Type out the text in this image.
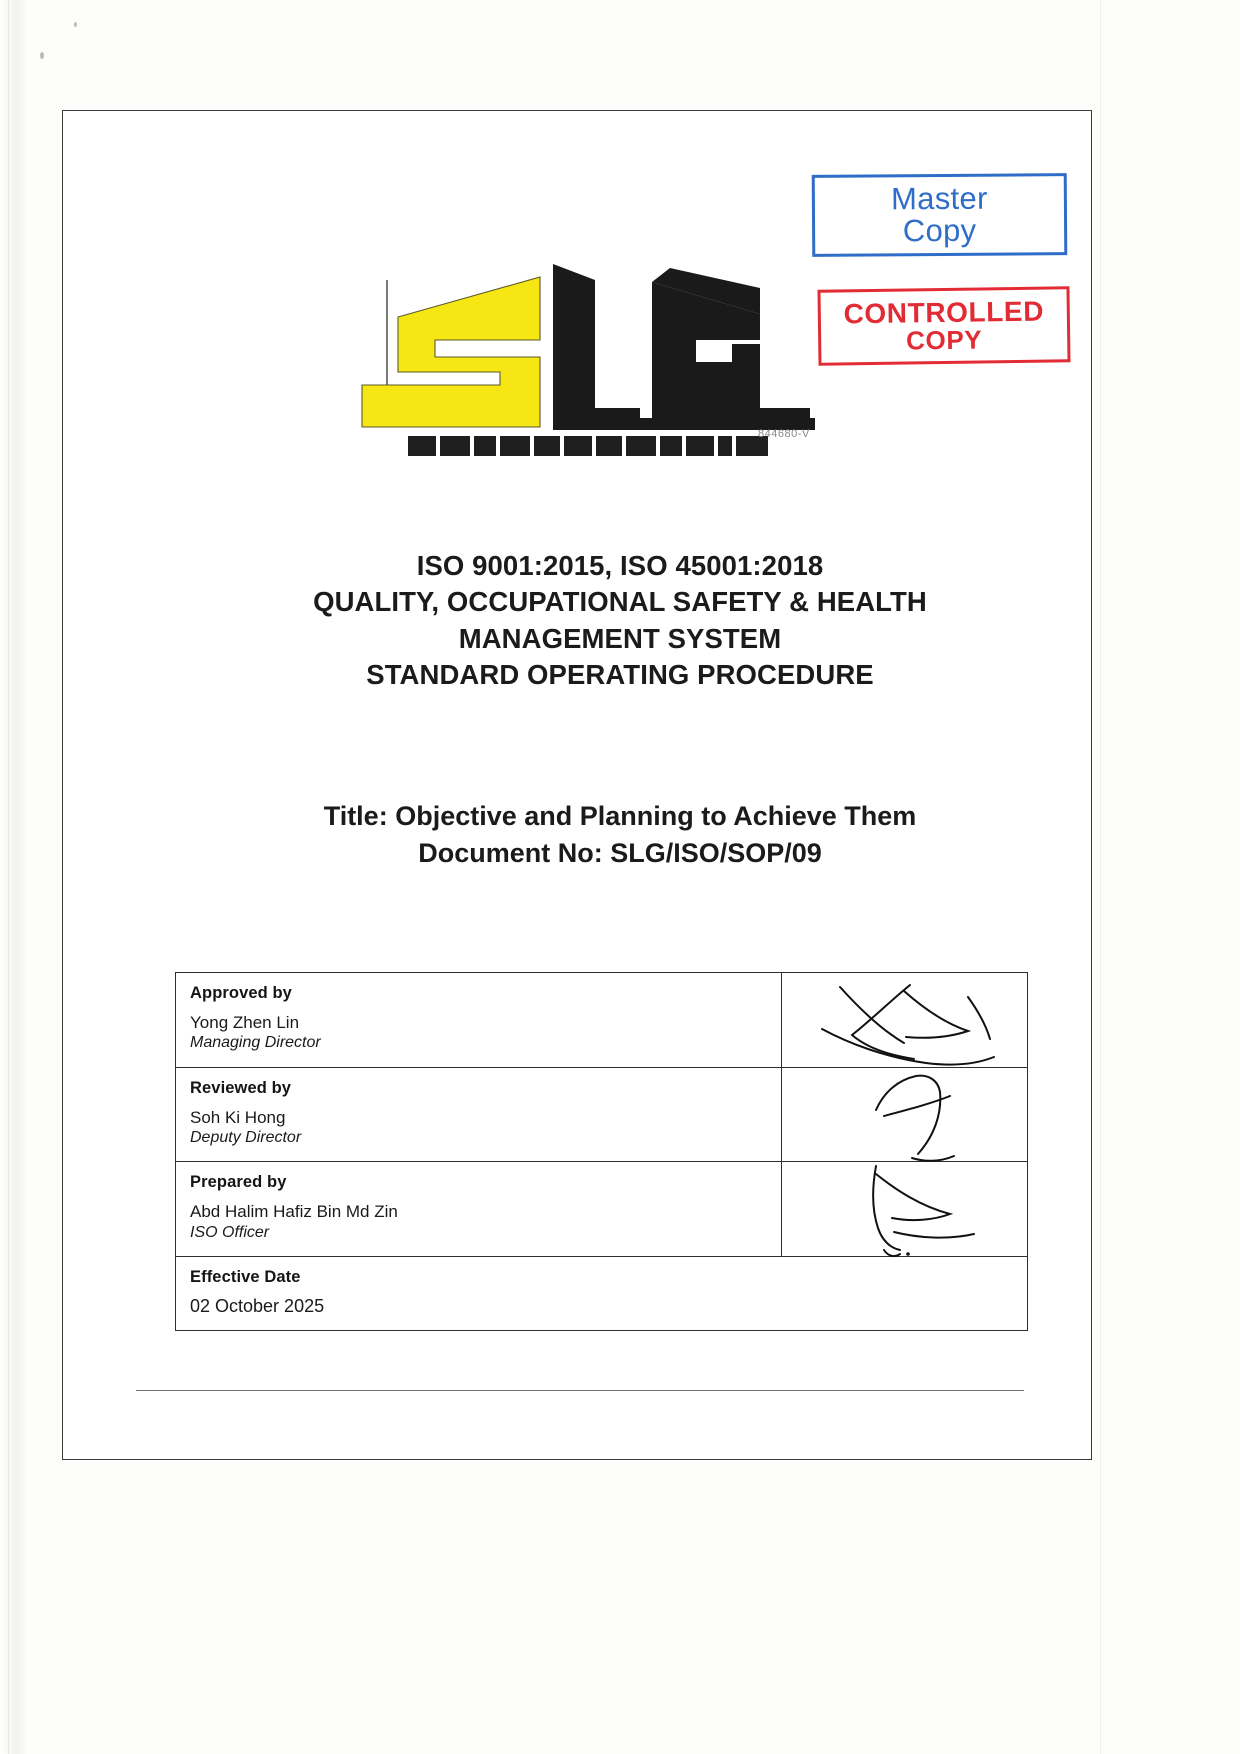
844680-V
Master
Copy
CONTROLLED
COPY
ISO 9001:2015, ISO 45001:2018
QUALITY, OCCUPATIONAL SAFETY & HEALTH
MANAGEMENT SYSTEM
STANDARD OPERATING PROCEDURE
Title: Objective and Planning to Achieve Them
Document No: SLG/ISO/SOP/09
Approved by
Yong Zhen Lin
Managing Director

Reviewed by
Soh Ki Hong
Deputy Director

Prepared by
Abd Halim Hafiz Bin Md Zin
ISO Officer

Effective Date
02 October 2025	
